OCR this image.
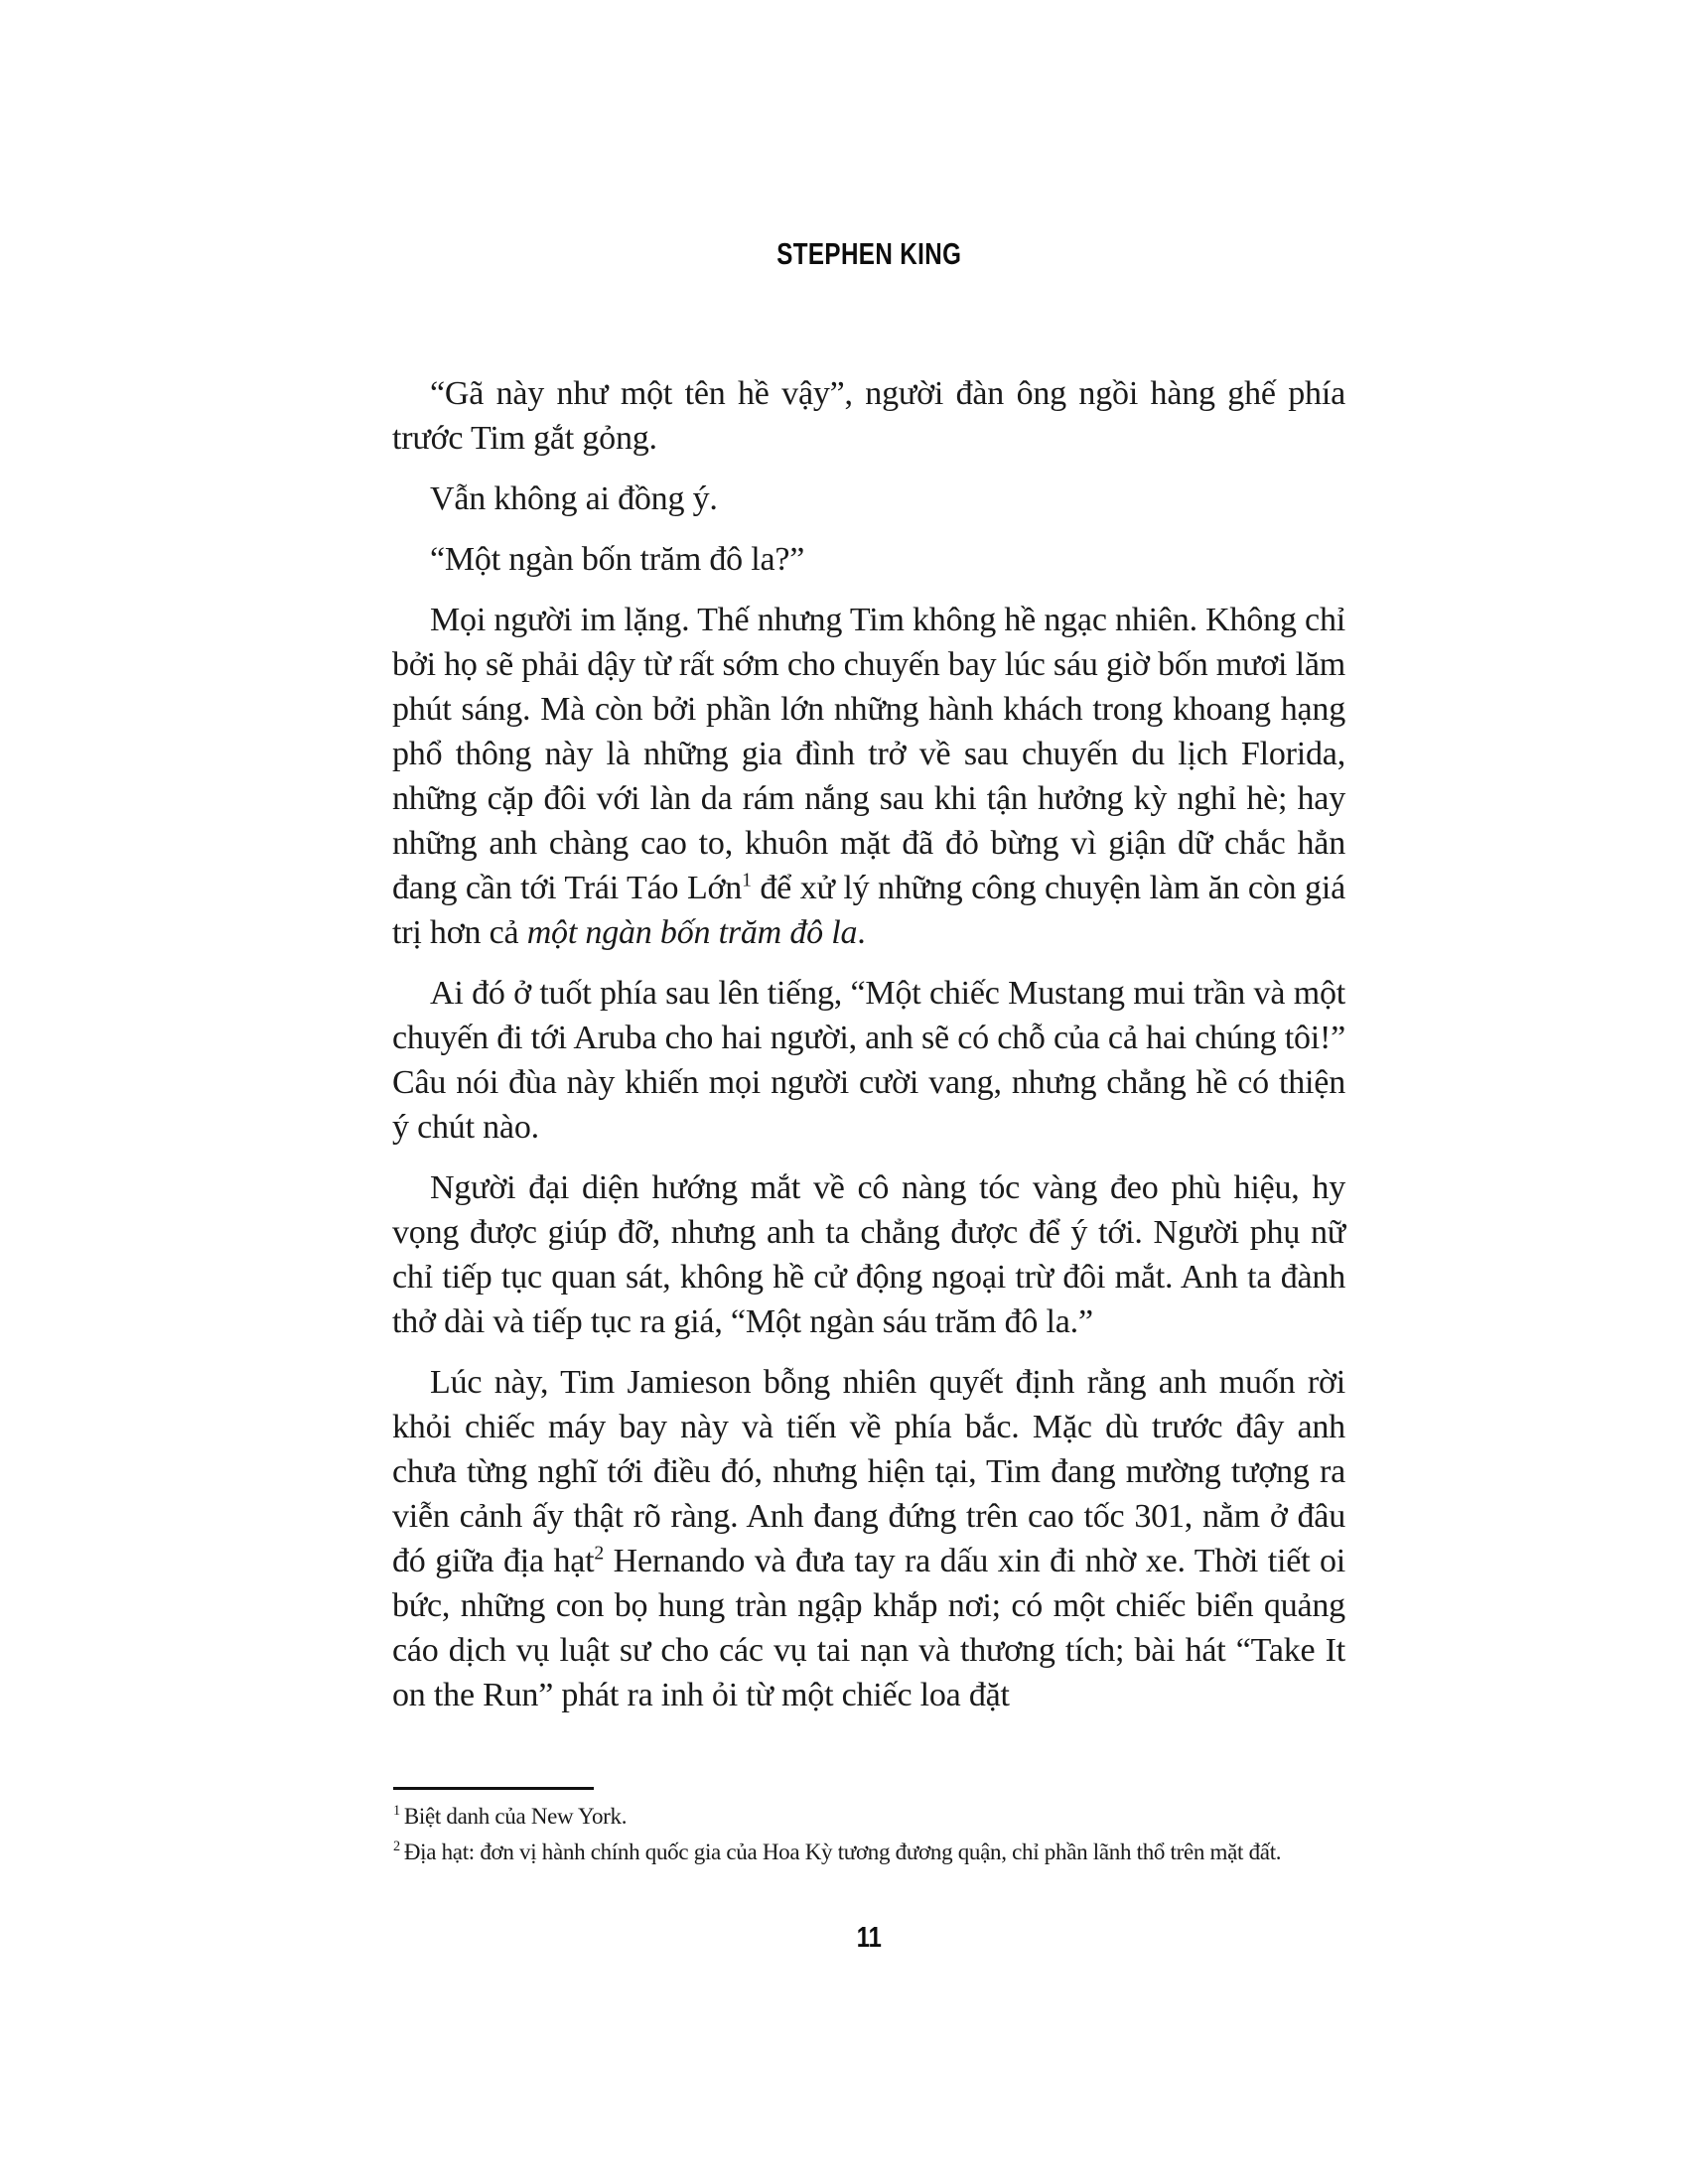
STEPHEN KING

“Gã này như một tên hề vậy”, người đàn ông ngồi hàng ghế phía trước Tim gắt gỏng.

Vẫn không ai đồng ý.

“Một ngàn bốn trăm đô la?”

Mọi người im lặng. Thế nhưng Tim không hề ngạc nhiên. Không chỉ bởi họ sẽ phải dậy từ rất sớm cho chuyến bay lúc sáu giờ bốn mươi lăm phút sáng. Mà còn bởi phần lớn những hành khách trong khoang hạng phổ thông này là những gia đình trở về sau chuyến du lịch Florida, những cặp đôi với làn da rám nắng sau khi tận hưởng kỳ nghỉ hè; hay những anh chàng cao to, khuôn mặt đã đỏ bừng vì giận dữ chắc hẳn đang cần tới Trái Táo Lớn$^1$ để xử lý những công chuyện làm ăn còn giá trị hơn cả một ngàn bốn trăm đô la.

Ai đó ở tuốt phía sau lên tiếng, “Một chiếc Mustang mui trần và một chuyến đi tới Aruba cho hai người, anh sẽ có chỗ của cả hai chúng tôi!” Câu nói đùa này khiến mọi người cười vang, nhưng chẳng hề có thiện ý chút nào.

Người đại diện hướng mắt về cô nàng tóc vàng đeo phù hiệu, hy vọng được giúp đỡ, nhưng anh ta chẳng được để ý tới. Người phụ nữ chỉ tiếp tục quan sát, không hề cử động ngoại trừ đôi mắt. Anh ta đành thở dài và tiếp tục ra giá, “Một ngàn sáu trăm đô la.”

Lúc này, Tim Jamieson bỗng nhiên quyết định rằng anh muốn rời khỏi chiếc máy bay này và tiến về phía bắc. Mặc dù trước đây anh chưa từng nghĩ tới điều đó, nhưng hiện tại, Tim đang mường tượng ra viễn cảnh ấy thật rõ ràng. Anh đang đứng trên cao tốc 301, nằm ở đâu đó giữa địa hạt$^2$ Hernando và đưa tay ra dấu xin đi nhờ xe. Thời tiết oi bức, những con bọ hung tràn ngập khắp nơi; có một chiếc biển quảng cáo dịch vụ luật sư cho các vụ tai nạn và thương tích; bài hát “Take It on the Run” phát ra inh ỏi từ một chiếc loa đặt

$^1$ Biệt danh của New York.
$^2$ Địa hạt: đơn vị hành chính quốc gia của Hoa Kỳ tương đương quận, chỉ phần lãnh thổ trên mặt đất.
11
